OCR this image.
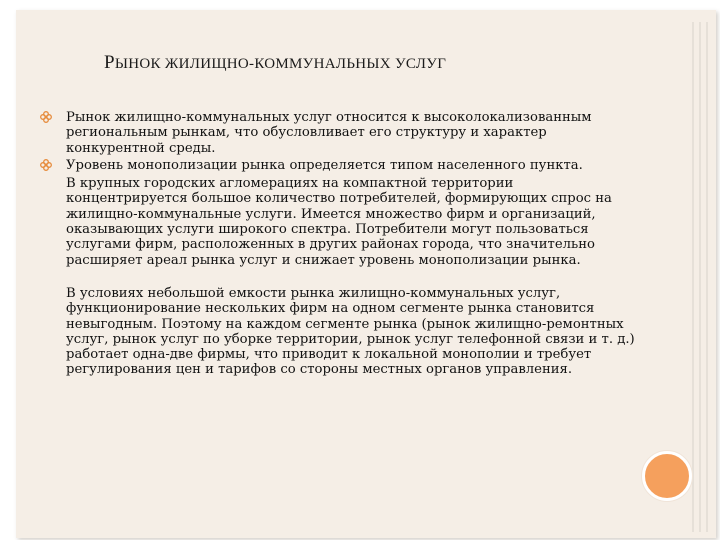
РЫНОК ЖИЛИЩНО-КОММУНАЛЬНЫХ УСЛУГ

Рынок жилищно-коммунальных услуг относится к высоколокализованным региональным рынкам, что обусловливает его структуру и характер конкурентной среды.

Уровень монополизации рынка определяется типом населенного пункта.

В крупных городских агломерациях на компактной территории концентрируется большое количество потребителей, формирующих спрос на жилищно-коммунальные услуги. Имеется множество фирм и организаций, оказывающих услуги широкого спектра. Потребители могут пользоваться услугами фирм, расположенных в других районах города, что значительно расширяет ареал рынка услуг и снижает уровень монополизации рынка.

В условиях небольшой емкости рынка жилищно-коммунальных услуг, функционирование нескольких фирм на одном сегменте рынка становится невыгодным. Поэтому на каждом сегменте рынка (рынок жилищно-ремонтных услуг, рынок услуг по уборке территории, рынок услуг телефонной связи и т. д.) работает одна-две фирмы, что приводит к локальной монополии и требует регулирования цен и тарифов со стороны местных органов управления.
